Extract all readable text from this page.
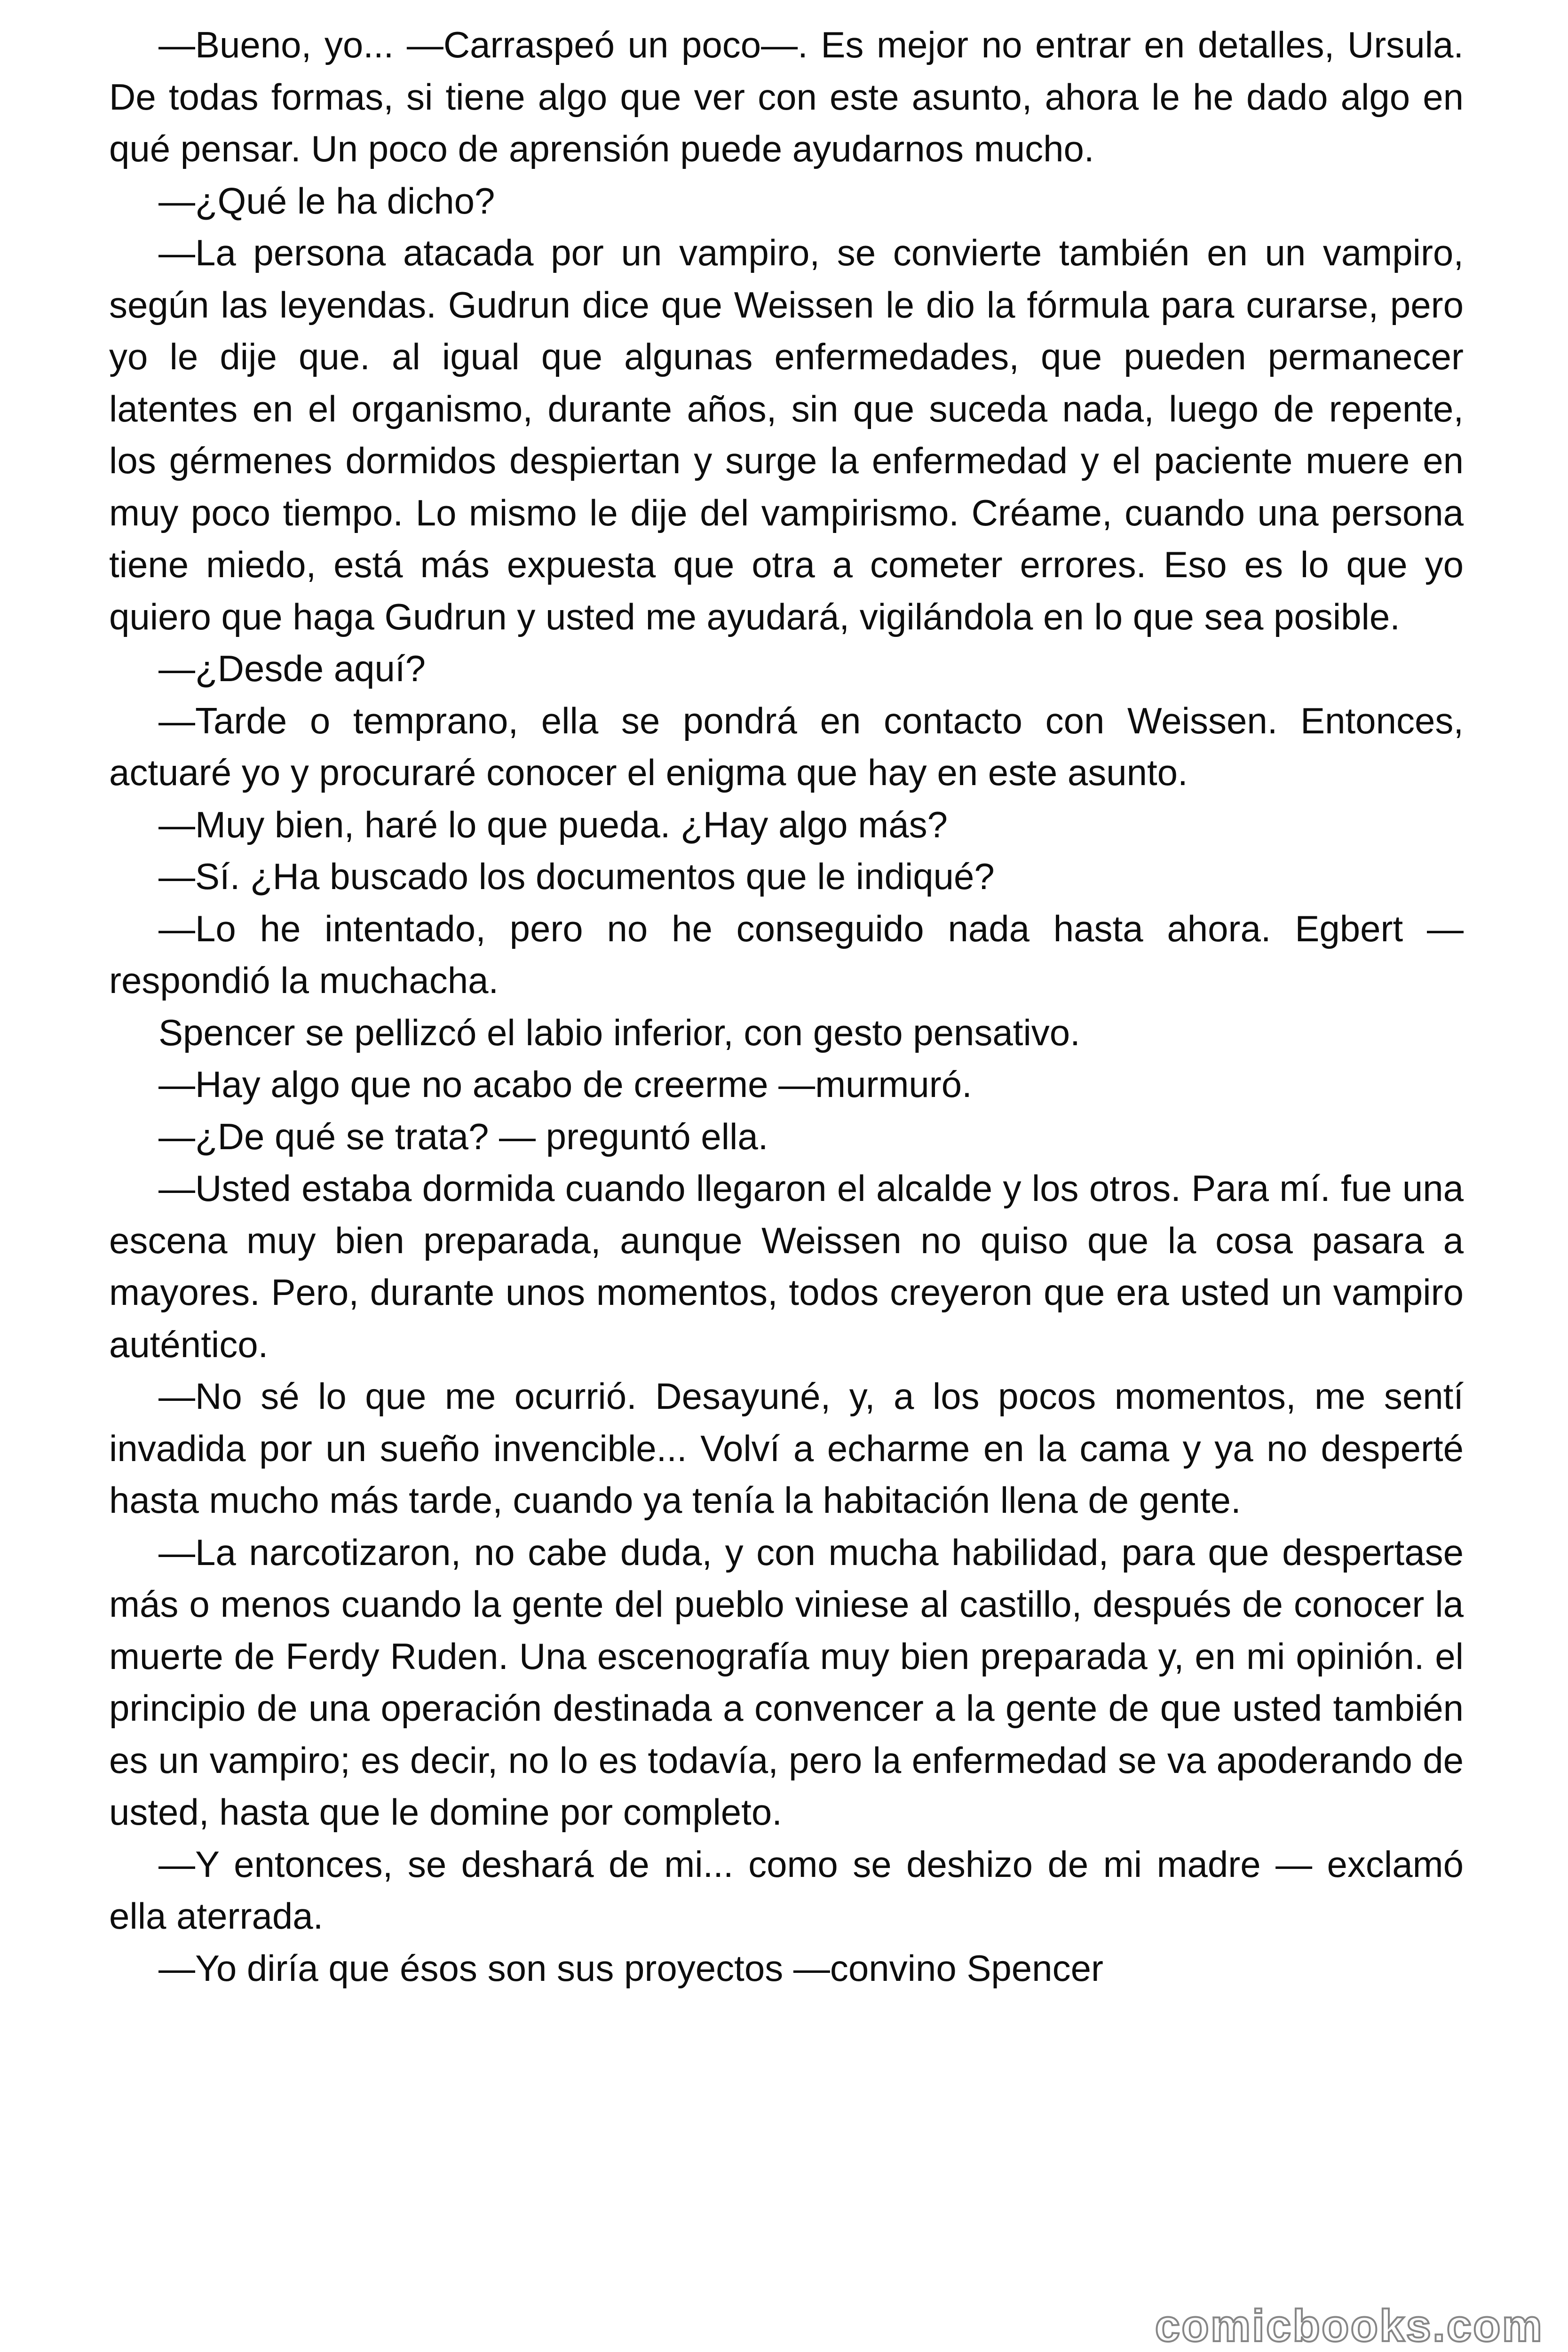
—Bueno, yo... —Carraspeó un poco—. Es mejor no entrar en detalles, Ursula. De todas formas, si tiene algo que ver con este asunto, ahora le he dado algo en qué pensar. Un poco de aprensión puede ayudarnos mucho.

—¿Qué le ha dicho?

—La persona atacada por un vampiro, se convierte también en un vampiro, según las leyendas. Gudrun dice que Weissen le dio la fórmula para curarse, pero yo le dije que. al igual que algunas enfermedades, que pueden permanecer latentes en el organismo, durante años, sin que suceda nada, luego de repente, los gérmenes dormidos despiertan y surge la enfermedad y el paciente muere en muy poco tiempo. Lo mismo le dije del vampirismo. Créame, cuando una persona tiene miedo, está más expuesta que otra a cometer errores. Eso es lo que yo quiero que haga Gudrun y usted me ayudará, vigilándola en lo que sea posible.

—¿Desde aquí?

—Tarde o temprano, ella se pondrá en contacto con Weissen. Entonces, actuaré yo y procuraré conocer el enigma que hay en este asunto.

—Muy bien, haré lo que pueda. ¿Hay algo más?

—Sí. ¿Ha buscado los documentos que le indiqué?

—Lo he intentado, pero no he conseguido nada hasta ahora. Egbert —respondió la muchacha.

Spencer se pellizcó el labio inferior, con gesto pensativo.

—Hay algo que no acabo de creerme —murmuró.

—¿De qué se trata? — preguntó ella.

—Usted estaba dormida cuando llegaron el alcalde y los otros. Para mí. fue una escena muy bien preparada, aunque Weissen no quiso que la cosa pasara a mayores. Pero, durante unos momentos, todos creyeron que era usted un vampiro auténtico.

—No sé lo que me ocurrió. Desayuné, y, a los pocos momentos, me sentí invadida por un sueño invencible... Volví a echarme en la cama y ya no desperté hasta mucho más tarde, cuando ya tenía la habitación llena de gente.

—La narcotizaron, no cabe duda, y con mucha habilidad, para que despertase más o menos cuando la gente del pueblo viniese al castillo, después de conocer la muerte de Ferdy Ruden. Una escenografía muy bien preparada y, en mi opinión. el principio de una operación destinada a convencer a la gente de que usted también es un vampiro; es decir, no lo es todavía, pero la enfermedad se va apoderando de usted, hasta que le domine por completo.

—Y entonces, se deshará de mi... como se deshizo de mi madre — exclamó ella aterrada.

—Yo diría que ésos son sus proyectos —convino Spencer

comicbooks.com
